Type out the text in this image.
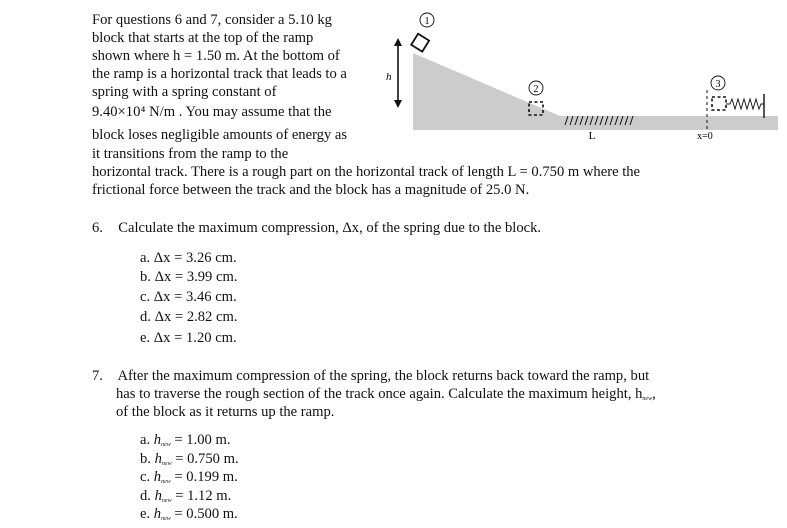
For questions 6 and 7, consider a 5.10 kg
block that starts at the top of the ramp
shown where h = 1.50 m. At the bottom of
the ramp is a horizontal track that leads to a
spring with a spring constant of
9.40×10⁴ N/m . You may assume that the
block loses negligible amounts of energy as
it transitions from the ramp to the
horizontal track. There is a rough part on the horizontal track of length L = 0.750 m where the
frictional force between the track and the block has a magnitude of 25.0 N.
h
1
2
L	x=0
3
6. Calculate the maximum compression, Δx, of the spring due to the block.
a. Δx = 3.26 cm.
b. Δx = 3.99 cm.
c. Δx = 3.46 cm.
d. Δx = 2.82 cm.
e. Δx = 1.20 cm.
7. After the maximum compression of the spring, the block returns back toward the ramp, but
has to traverse the rough section of the track once again. Calculate the maximum height, $h_{new}$,
of the block as it returns up the ramp.
a. $h_{new} = 1.00$ m.
b. $h_{new} = 0.750$ m.
c. $h_{new} = 0.199$ m.
d. $h_{new} = 1.12$ m.
e. $h_{new} = 0.500$ m.
